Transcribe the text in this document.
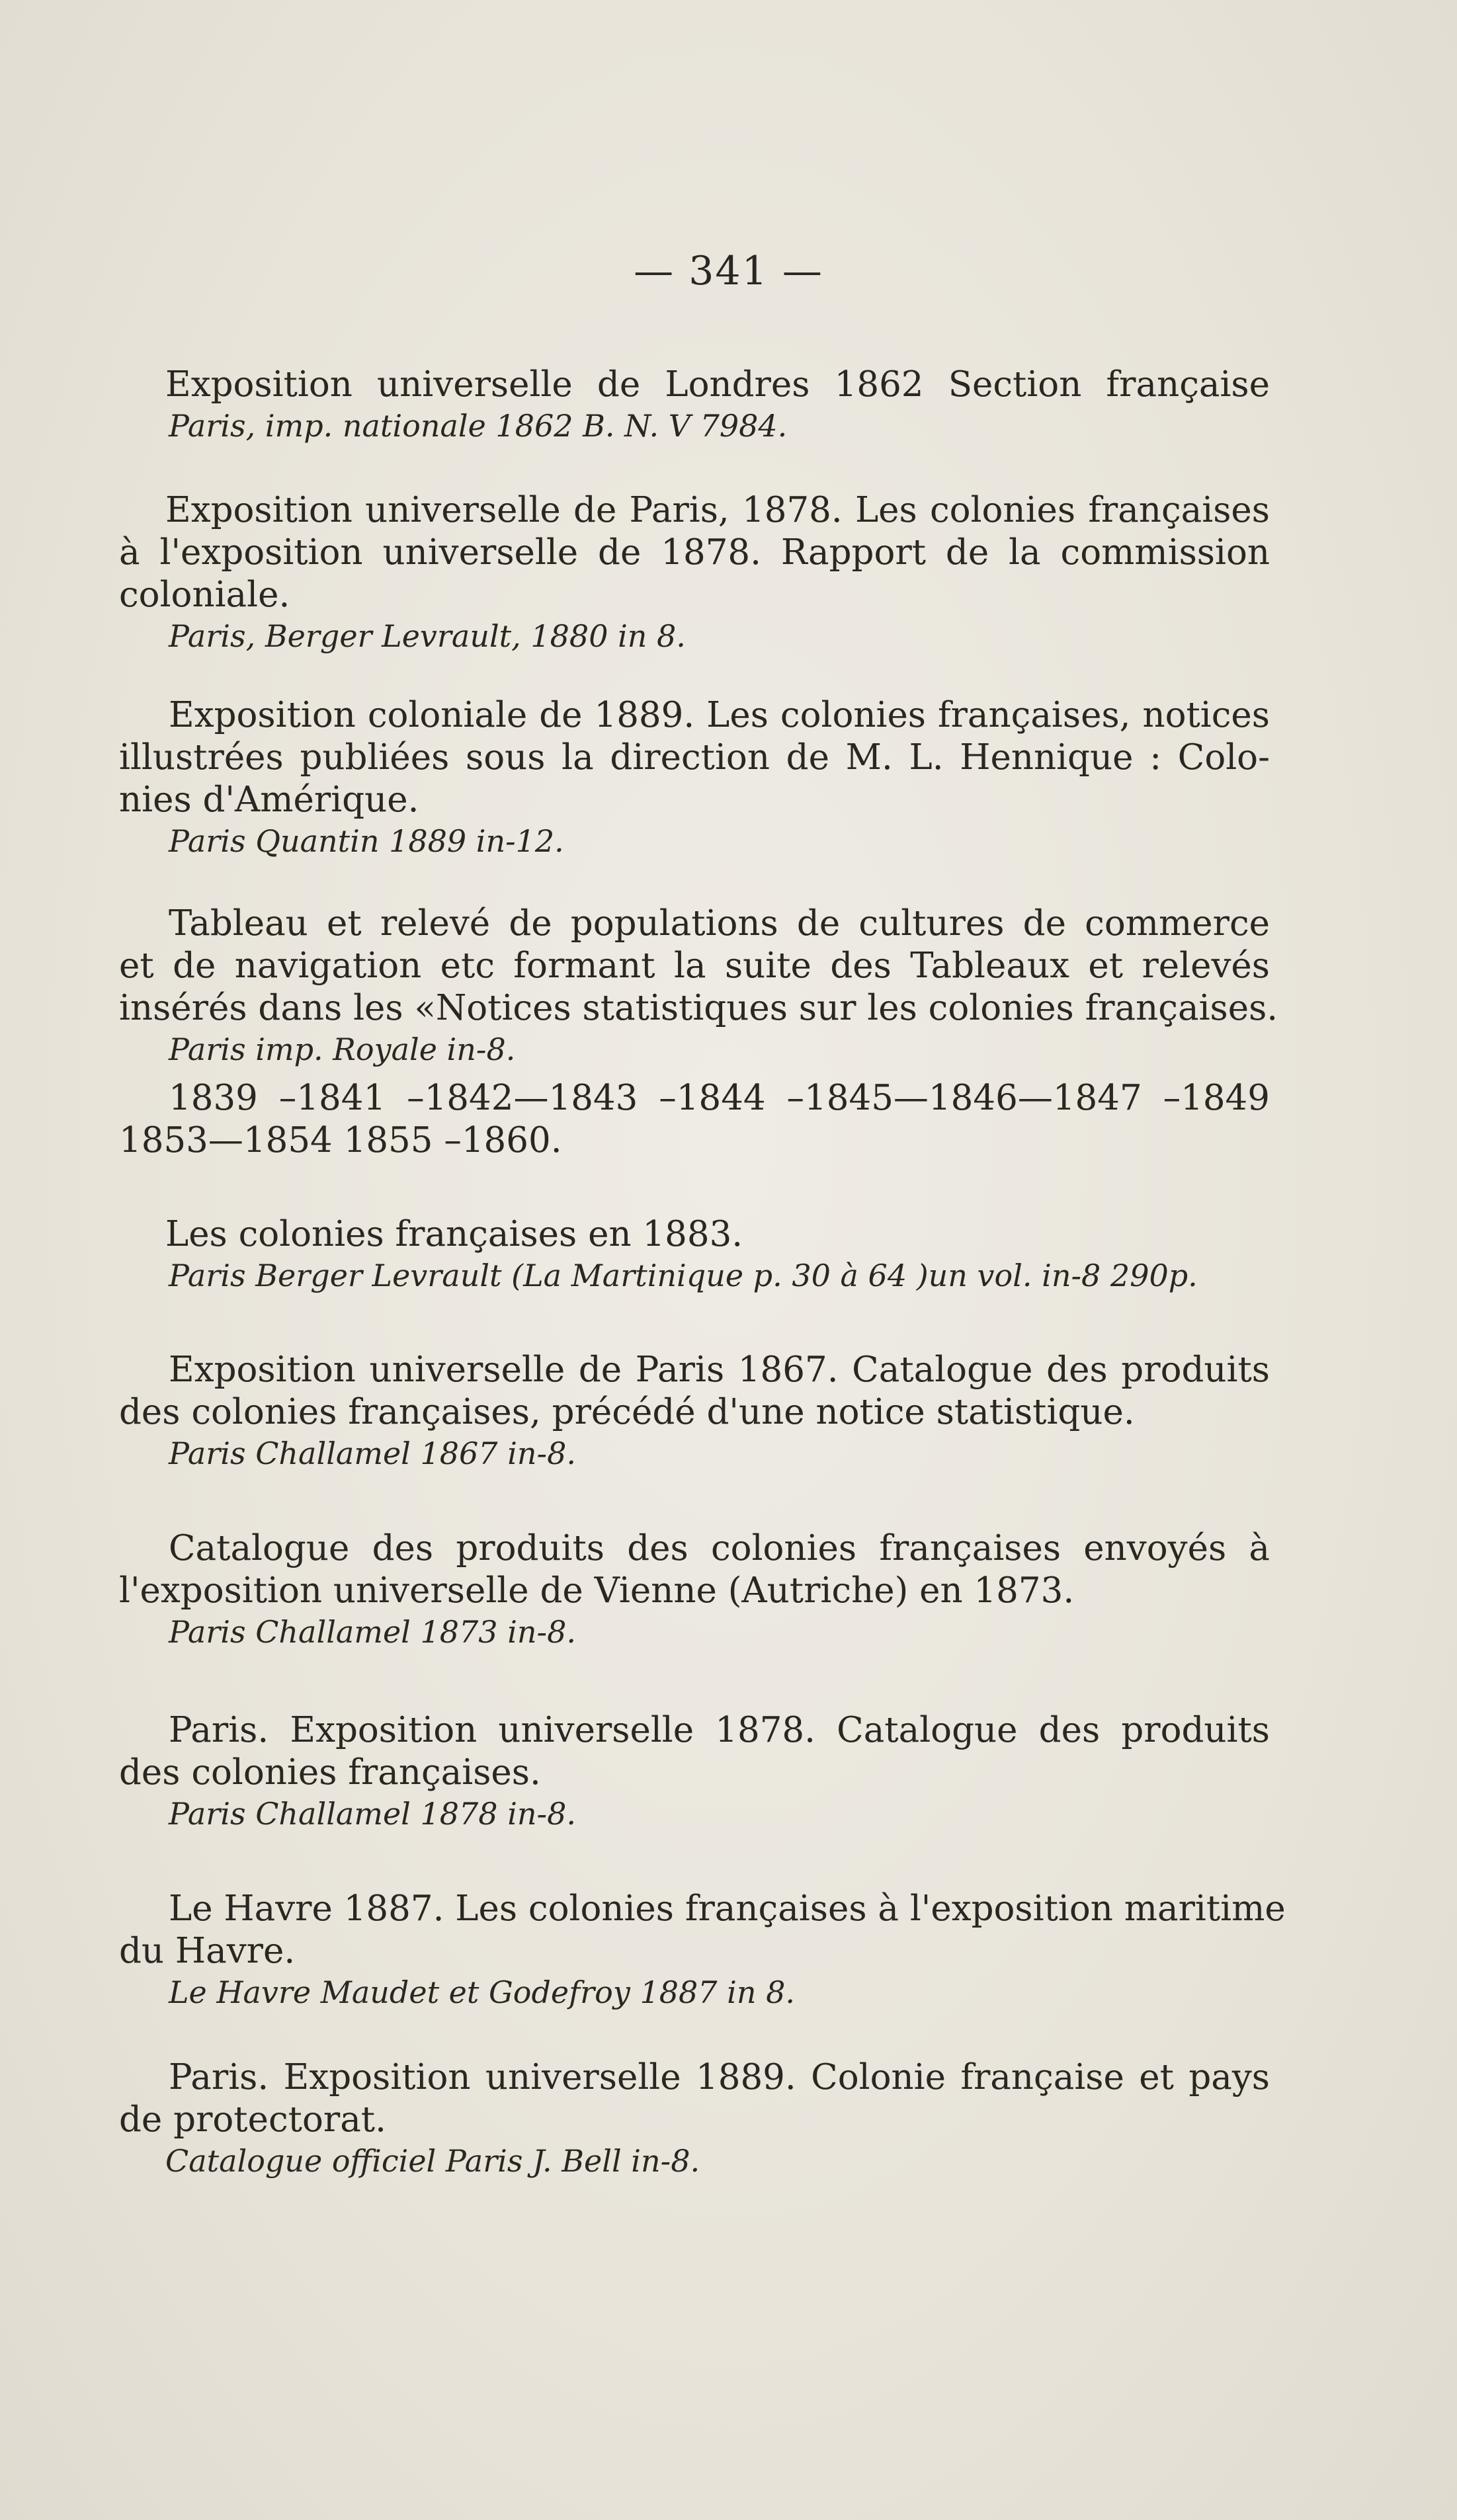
— 341 —
Exposition universelle de Londres 1862 Section française
Paris, imp. nationale 1862 B. N. V 7984.
Exposition universelle de Paris, 1878. Les colonies françaises
à l'exposition universelle de 1878. Rapport de la commission
coloniale.
Paris, Berger Levrault, 1880 in 8.
Exposition coloniale de 1889. Les colonies françaises, notices
illustrées publiées sous la direction de M. L. Hennique : Colo-
nies d'Amérique.
Paris Quantin 1889 in-12.
Tableau et relevé de populations de cultures de commerce
et de navigation etc formant la suite des Tableaux et relevés
insérés dans les «Notices statistiques sur les colonies françaises.
Paris imp. Royale in-8.
1839 –1841 –1842—1843 –1844 –1845—1846—1847 –1849
1853—1854 1855 –1860.
Les colonies françaises en 1883.
Paris Berger Levrault (La Martinique p. 30 à 64 )un vol. in-8 290p.
Exposition universelle de Paris 1867. Catalogue des produits
des colonies françaises, précédé d'une notice statistique.
Paris Challamel 1867 in-8.
Catalogue des produits des colonies françaises envoyés à
l'exposition universelle de Vienne (Autriche) en 1873.
Paris Challamel 1873 in-8.
Paris. Exposition universelle 1878. Catalogue des produits
des colonies françaises.
Paris Challamel 1878 in-8.
Le Havre 1887. Les colonies françaises à l'exposition maritime
du Havre.
Le Havre Maudet et Godefroy 1887 in 8.
Paris. Exposition universelle 1889. Colonie française et pays
de protectorat.
Catalogue officiel Paris J. Bell in-8.
